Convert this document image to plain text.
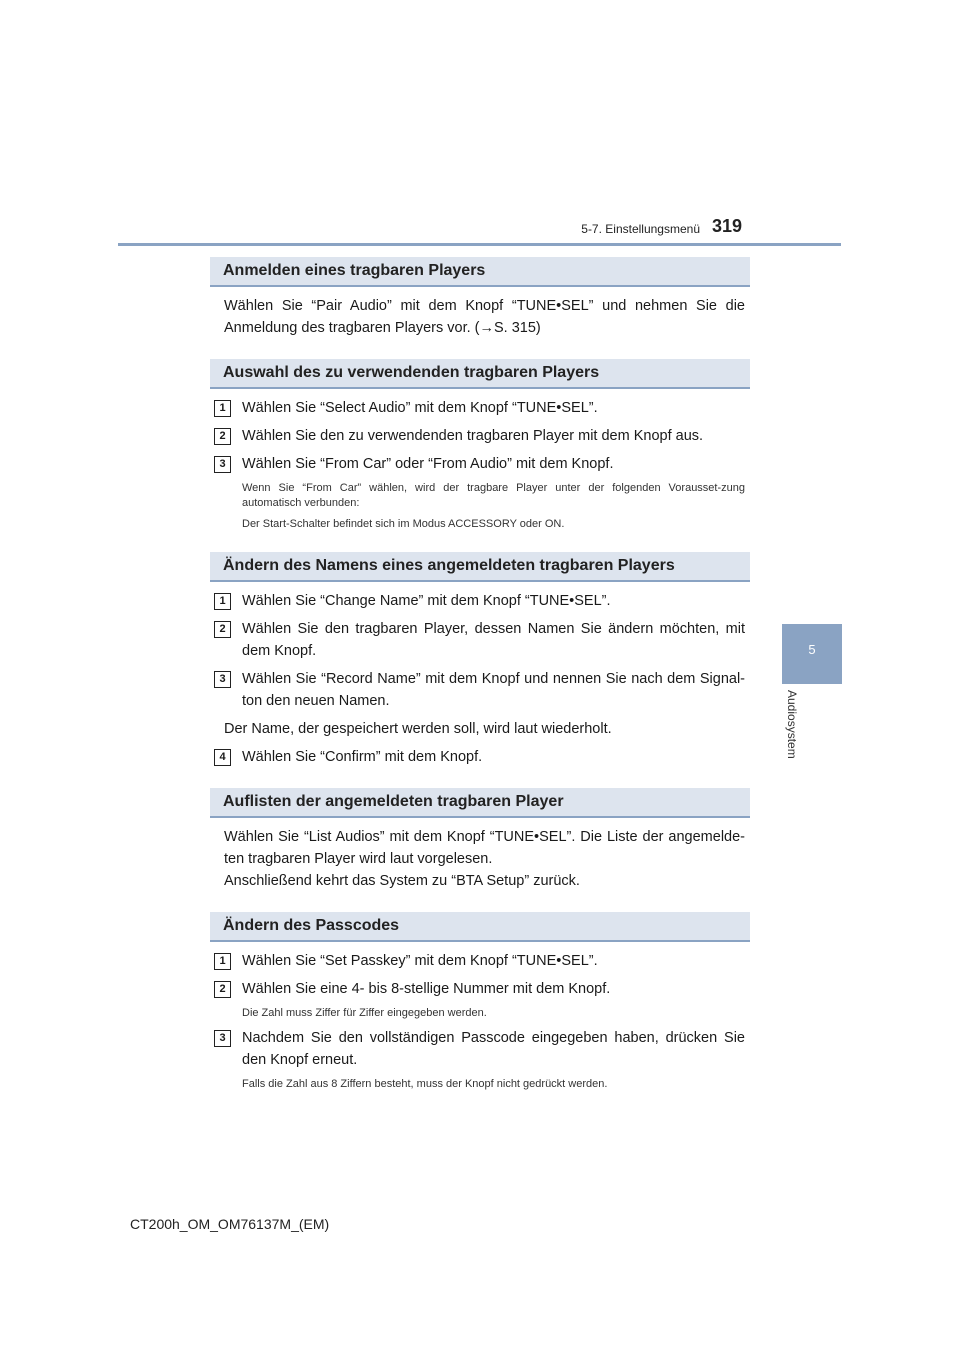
5-7. Einstellungsmenü 319
5
Audiosystem
Anmelden eines tragbaren Players
Wählen Sie “Pair Audio” mit dem Knopf “TUNE•SEL” und nehmen Sie die Anmeldung des tragbaren Players vor. (→S. 315)
Auswahl des zu verwendenden tragbaren Players
1	Wählen Sie “Select Audio” mit dem Knopf “TUNE•SEL”.
2	Wählen Sie den zu verwendenden tragbaren Player mit dem Knopf aus.
3	Wählen Sie “From Car” oder “From Audio” mit dem Knopf.
Wenn Sie “From Car” wählen, wird der tragbare Player unter der folgenden Vorausset-zung automatisch verbunden:
Der Start-Schalter befindet sich im Modus ACCESSORY oder ON.
Ändern des Namens eines angemeldeten tragbaren Players
1	Wählen Sie “Change Name” mit dem Knopf “TUNE•SEL”.
2	Wählen Sie den tragbaren Player, dessen Namen Sie ändern möchten, mit dem Knopf.
3	Wählen Sie “Record Name” mit dem Knopf und nennen Sie nach dem Signal-ton den neuen Namen.
Der Name, der gespeichert werden soll, wird laut wiederholt.
4	Wählen Sie “Confirm” mit dem Knopf.
Auflisten der angemeldeten tragbaren Player
Wählen Sie “List Audios” mit dem Knopf “TUNE•SEL”. Die Liste der angemelde-ten tragbaren Player wird laut vorgelesen.
Anschließend kehrt das System zu “BTA Setup” zurück.
Ändern des Passcodes
1	Wählen Sie “Set Passkey” mit dem Knopf “TUNE•SEL”.
2	Wählen Sie eine 4- bis 8-stellige Nummer mit dem Knopf.
Die Zahl muss Ziffer für Ziffer eingegeben werden.
3	Nachdem Sie den vollständigen Passcode eingegeben haben, drücken Sie den Knopf erneut.
Falls die Zahl aus 8 Ziffern besteht, muss der Knopf nicht gedrückt werden.
CT200h_OM_OM76137M_(EM)
